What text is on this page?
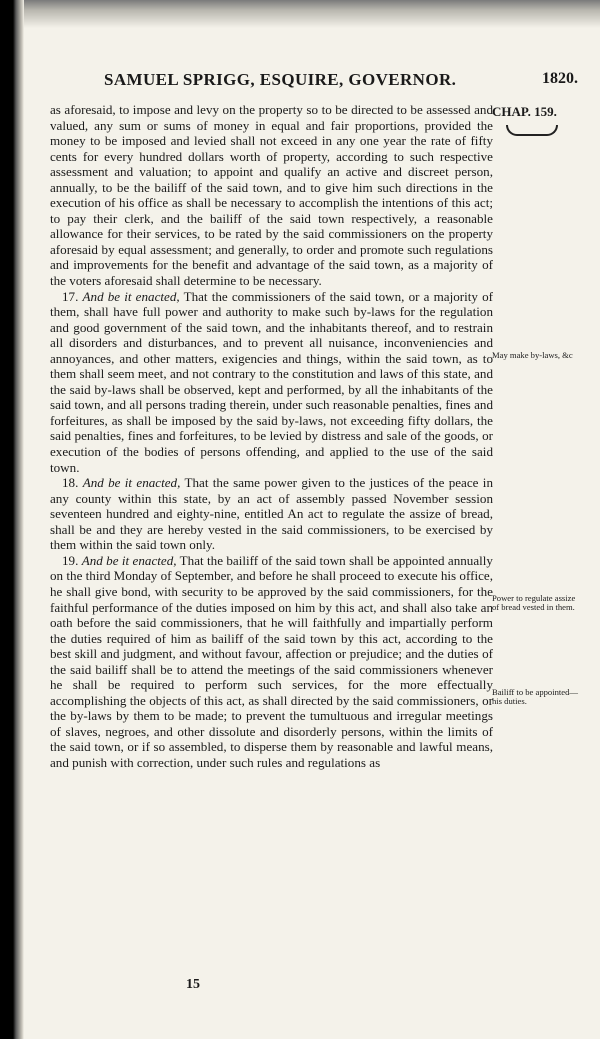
SAMUEL SPRIGG, ESQUIRE, GOVERNOR.	1820.
CHAP. 159.
May make by-laws, &c
Power to regulate assize of bread vested in them.
Bailiff to be appointed—his duties.

as aforesaid, to impose and levy on the property so to be directed to be assessed and valued, any sum or sums of money in equal and fair proportions, provided the money to be imposed and levied shall not exceed in any one year the rate of fifty cents for every hundred dollars worth of property, according to such respective assessment and valuation; to appoint and qualify an active and discreet person, annually, to be the bailiff of the said town, and to give him such directions in the execution of his office as shall be necessary to accomplish the intentions of this act; to pay their clerk, and the bailiff of the said town respectively, a reasonable allowance for their services, to be rated by the said commissioners on the property aforesaid by equal assessment; and generally, to order and promote such regulations and improvements for the benefit and advantage of the said town, as a majority of the voters aforesaid shall determine to be necessary.

17. And be it enacted, That the commissioners of the said town, or a majority of them, shall have full power and authority to make such by-laws for the regulation and good government of the said town, and the inhabitants thereof, and to restrain all disorders and disturbances, and to prevent all nuisance, inconveniencies and annoyances, and other matters, exigencies and things, within the said town, as to them shall seem meet, and not contrary to the constitution and laws of this state, and the said by-laws shall be observed, kept and performed, by all the inhabitants of the said town, and all persons trading therein, under such reasonable penalties, fines and forfeitures, as shall be imposed by the said by-laws, not exceeding fifty dollars, the said penalties, fines and forfeitures, to be levied by distress and sale of the goods, or execution of the bodies of persons offending, and applied to the use of the said town.

18. And be it enacted, That the same power given to the justices of the peace in any county within this state, by an act of assembly passed November session seventeen hundred and eighty-nine, entitled An act to regulate the assize of bread, shall be and they are hereby vested in the said commissioners, to be exercised by them within the said town only.

19. And be it enacted, That the bailiff of the said town shall be appointed annually on the third Monday of September, and before he shall proceed to execute his office, he shall give bond, with security to be approved by the said commissioners, for the faithful performance of the duties imposed on him by this act, and shall also take an oath before the said commissioners, that he will faithfully and impartially perform the duties required of him as bailiff of the said town by this act, according to the best skill and judgment, and without favour, affection or prejudice; and the duties of the said bailiff shall be to attend the meetings of the said commissioners whenever he shall be required to perform such services, for the more effectually accomplishing the objects of this act, as shall directed by the said commissioners, or the by-laws by them to be made; to prevent the tumultuous and irregular meetings of slaves, negroes, and other dissolute and disorderly persons, within the limits of the said town, or if so assembled, to disperse them by reasonable and lawful means, and punish with correction, under such rules and regulations as

15
